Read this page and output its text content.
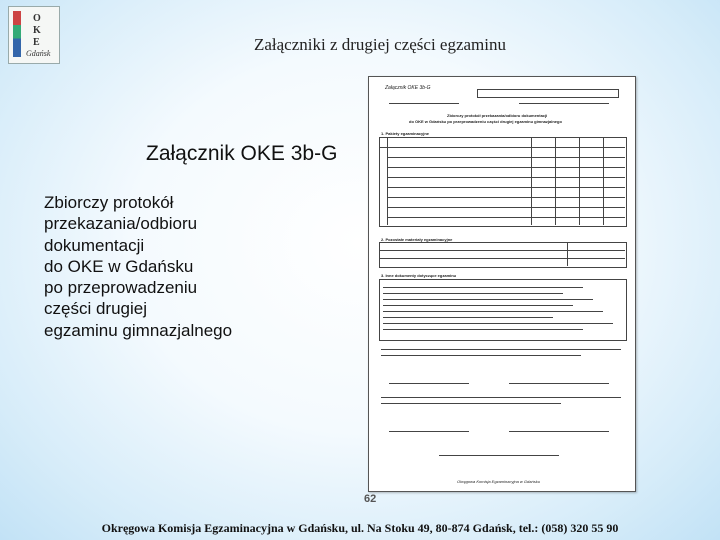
O
K
E
Gdańsk	Załączniki z drugiej części egzaminu
Załącznik OKE 3b-G
Zbiorczy protokół
przekazania/odbioru
dokumentacji
do OKE w Gdańsku
po przeprowadzeniu
części drugiej
egzaminu gimnazjalnego
Załącznik OKE 3b-G
Zbiorczy protokół przekazania/odbioru dokumentacji
do OKE w Gdańsku po przeprowadzeniu części drugiej egzaminu gimnazjalnego
1. Pakiety egzaminacyjne
2. Pozostałe materiały egzaminacyjne
3. Inne dokumenty dotyczące egzaminu
Okręgowa Komisja Egzaminacyjna w Gdańsku
62
Okręgowa Komisja Egzaminacyjna w Gdańsku, ul. Na Stoku 49, 80-874 Gdańsk, tel.: (058) 320 55 90
